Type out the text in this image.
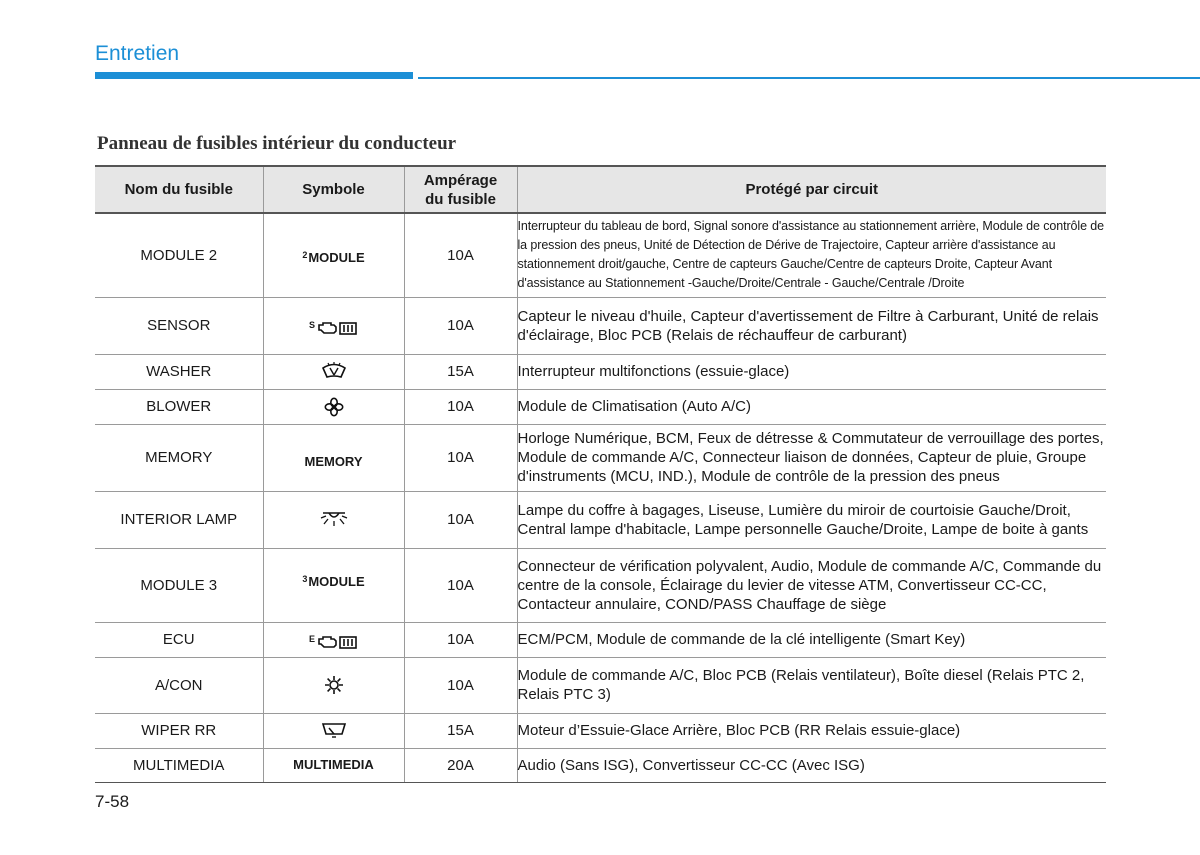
Entretien
Panneau de fusibles intérieur du conducteur
Nom du fusible	Symbole	Ampérage du fusible	Protégé par circuit
MODULE 2	2 MODULE	10A	Interrupteur du tableau de bord, Signal sonore d'assistance au stationnement arrière, Module de contrôle de la pression des pneus, Unité de Détection de Dérive de Trajectoire, Capteur arrière d'assistance au stationnement droit/gauche, Centre de capteurs Gauche/Centre de capteurs Droite, Capteur Avant d'assistance au Stationnement -Gauche/Droite/Centrale - Gauche/Centrale /Droite
SENSOR	S	10A	Capteur le niveau d'huile, Capteur d'avertissement de Filtre à Carburant, Unité de relais d'éclairage, Bloc PCB (Relais de réchauffeur de carburant)
WASHER		15A	Interrupteur multifonctions (essuie-glace)
BLOWER		10A	Module de Climatisation (Auto A/C)
MEMORY	$_{MEMORY}$	10A	Horloge Numérique, BCM, Feux de détresse & Commutateur de verrouillage des portes, Module de commande A/C, Connecteur liaison de données, Capteur de pluie, Groupe d'instruments (MCU, IND.), Module de contrôle de la pression des pneus
INTERIOR LAMP		10A	Lampe du coffre à bagages, Liseuse, Lumière du miroir de courtoisie Gauche/Droit, Central lampe d'habitacle, Lampe personnelle Gauche/Droite, Lampe de boite à gants
MODULE 3	3 MODULE	10A	Connecteur de vérification polyvalent, Audio, Module de commande A/C, Commande du centre de la console, Éclairage du levier de vitesse ATM, Convertisseur CC-CC, Contacteur annulaire, COND/PASS Chauffage de siège
ECU	E	10A	ECM/PCM, Module de commande de la clé intelligente (Smart Key)
A/CON		10A	Module de commande A/C, Bloc PCB (Relais ventilateur), Boîte diesel (Relais PTC 2, Relais PTC 3)
WIPER RR		15A	Moteur d’Essuie-Glace Arrière, Bloc PCB (RR Relais essuie-glace)
MULTIMEDIA	MULTIMEDIA	20A	Audio (Sans ISG), Convertisseur CC-CC (Avec ISG)
7-58
